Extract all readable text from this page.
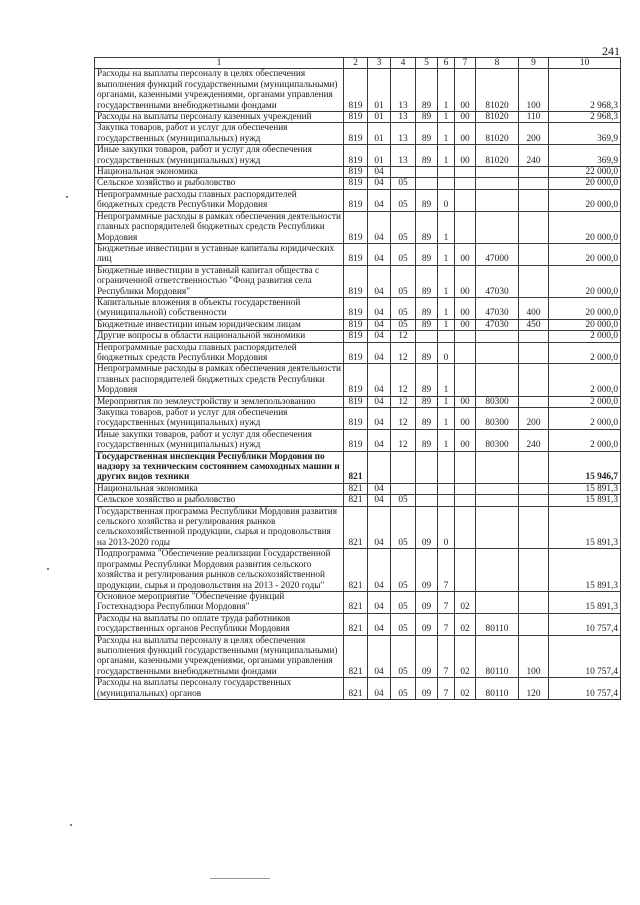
241
1	2	3	4	5	6	7	8	9	10
Расходы на выплаты персоналу в целях обеспечения выполнения функций государственными (муниципальными) органами, казенными учреждениями, органами управления государственными внебюджетными фондами	819	01	13	89	1	00	81020	100	2 968,3
Расходы на выплаты персоналу казенных учреждений	819	01	13	89	1	00	81020	110	2 968,3
Закупка товаров, работ и услуг для обеспечения государственных (муниципальных) нужд	819	01	13	89	1	00	81020	200	369,9
Иные закупки товаров, работ и услуг для обеспечения государственных (муниципальных) нужд	819	01	13	89	1	00	81020	240	369,9
Национальная экономика	819	04							22 000,0
Сельское хозяйство и рыболовство	819	04	05						20 000,0
Непрограммные расходы главных распорядителей бюджетных средств Республики Мордовия	819	04	05	89	0				20 000,0
Непрограммные расходы в рамках обеспечения деятельности главных распорядителей бюджетных средств Республики Мордовия	819	04	05	89	1				20 000,0
Бюджетные инвестиции в уставные капиталы юридических лиц	819	04	05	89	1	00	47000		20 000,0
Бюджетные инвестиции в уставный капитал общества с ограниченной ответственностью "Фонд развития села Республики Мордовия"	819	04	05	89	1	00	47030		20 000,0
Капитальные вложения в объекты государственной (муниципальной) собственности	819	04	05	89	1	00	47030	400	20 000,0
Бюджетные инвестиции иным юридическим лицам	819	04	05	89	1	00	47030	450	20 000,0
Другие вопросы в области национальной экономики	819	04	12						2 000,0
Непрограммные расходы главных распорядителей бюджетных средств Республики Мордовия	819	04	12	89	0				2 000,0
Непрограммные расходы в рамках обеспечения деятельности главных распорядителей бюджетных средств Республики Мордовия	819	04	12	89	1				2 000,0
Мероприятия по землеустройству и землепользованию	819	04	12	89	1	00	80300		2 000,0
Закупка товаров, работ и услуг для обеспечения государственных (муниципальных) нужд	819	04	12	89	1	00	80300	200	2 000,0
Иные закупки товаров, работ и услуг для обеспечения государственных (муниципальных) нужд	819	04	12	89	1	00	80300	240	2 000,0
Государственная инспекция Республики Мордовия по надзору за техническим состоянием самоходных машин и других видов техники	821								15 946,7
Национальная экономика	821	04							15 891,3
Сельское хозяйство и рыболовство	821	04	05						15 891,3
Государственная программа Республики Мордовия развития сельского хозяйства и регулирования рынков сельскохозяйственной продукции, сырья и продовольствия на 2013-2020 годы	821	04	05	09	0				15 891,3
Подпрограмма "Обеспечение реализации Государственной программы Республики Мордовия развития сельского хозяйства и регулирования рынков сельскохозяйственной продукции, сырья и продовольствия на 2013 - 2020 годы"	821	04	05	09	7				15 891,3
Основное мероприятие "Обеспечение функций Гостехнадзора Республики Мордовия"	821	04	05	09	7	02			15 891,3
Расходы на выплаты по оплате труда работников государственных органов Республики Мордовия	821	04	05	09	7	02	80110		10 757,4
Расходы на выплаты персоналу в целях обеспечения выполнения функций государственными (муниципальными) органами, казенными учреждениями, органами управления государственными внебюджетными фондами	821	04	05	09	7	02	80110	100	10 757,4
Расходы на выплаты персоналу государственных (муниципальных) органов	821	04	05	09	7	02	80110	120	10 757,4
